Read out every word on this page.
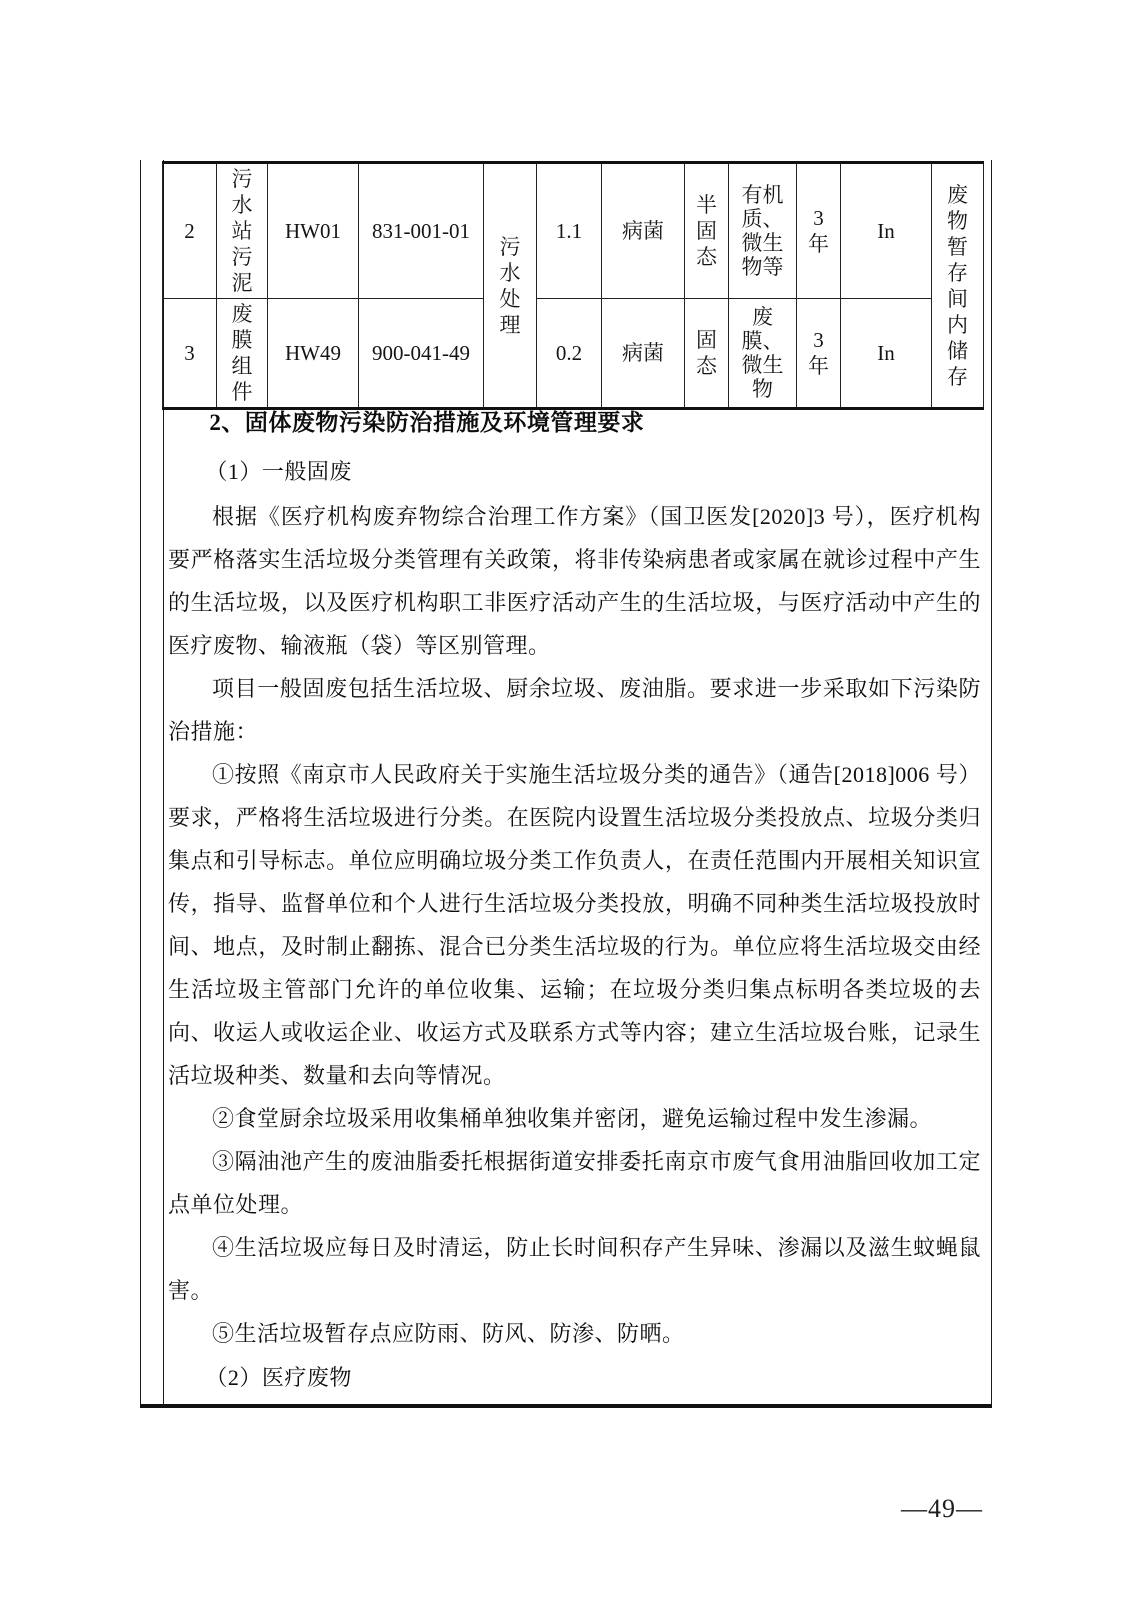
2	污水站污泥	HW01	831-001-01	污水处理	1.1	病菌	半固态	有机质、微生物等	3年	In	废物暂存间内储存

3	废膜组件	HW49	900-041-49		0.2	病菌	固态	废膜、微生物	3年	In	

2、固体废物污染防治措施及环境管理要求

（1）一般固废

根据《医疗机构废弃物综合治理工作方案》（国卫医发[2020]3 号），医疗机构要严格落实生活垃圾分类管理有关政策，将非传染病患者或家属在就诊过程中产生的生活垃圾，以及医疗机构职工非医疗活动产生的生活垃圾，与医疗活动中产生的医疗废物、输液瓶（袋）等区别管理。

项目一般固废包括生活垃圾、厨余垃圾、废油脂。要求进一步采取如下污染防治措施：

①按照《南京市人民政府关于实施生活垃圾分类的通告》（通告[2018]006 号）要求，严格将生活垃圾进行分类。在医院内设置生活垃圾分类投放点、垃圾分类归集点和引导标志。单位应明确垃圾分类工作负责人，在责任范围内开展相关知识宣传，指导、监督单位和个人进行生活垃圾分类投放，明确不同种类生活垃圾投放时间、地点，及时制止翻拣、混合已分类生活垃圾的行为。单位应将生活垃圾交由经生活垃圾主管部门允许的单位收集、运输；在垃圾分类归集点标明各类垃圾的去向、收运人或收运企业、收运方式及联系方式等内容；建立生活垃圾台账，记录生活垃圾种类、数量和去向等情况。

②食堂厨余垃圾采用收集桶单独收集并密闭，避免运输过程中发生渗漏。

③隔油池产生的废油脂委托根据街道安排委托南京市废气食用油脂回收加工定点单位处理。

④生活垃圾应每日及时清运，防止长时间积存产生异味、渗漏以及滋生蚊蝇鼠害。

⑤生活垃圾暂存点应防雨、防风、防渗、防晒。

（2）医疗废物

—49—
